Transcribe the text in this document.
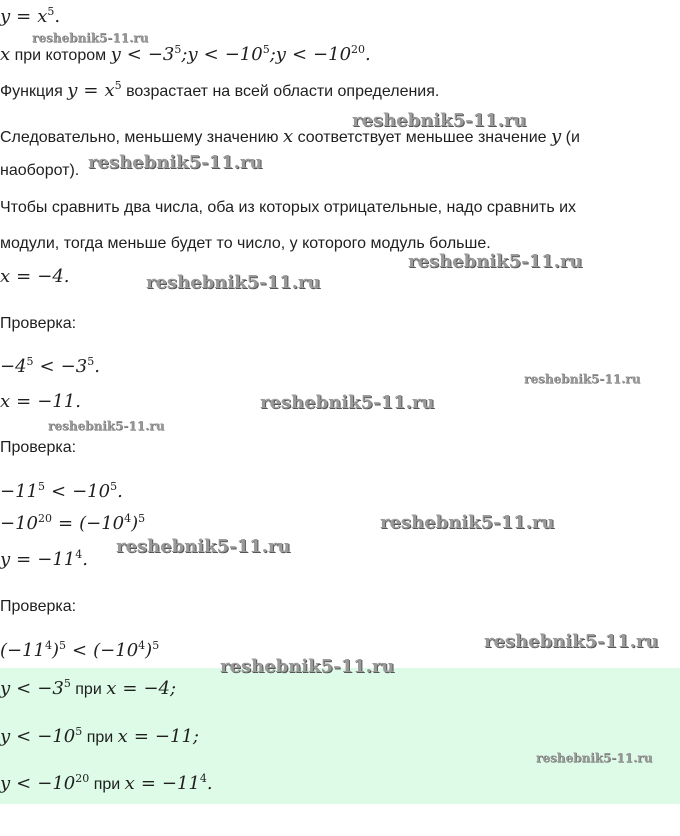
$y = x^5$.
x при котором $y < -3^5;y$ < $-10^5;y < -10^{20}$.
Функция $y = x^5$ возрастает на всей области определения.
Следовательно, меньшему значению x соответствует меньшее значение y (и
наоборот).
Чтобы сравнить два числа, оба из которых отрицательные, надо сравнить их
модули, тогда меньше будет то число, у которого модуль больше.
x = −4.
Проверка:
$-4^5 < -3^5$.
x = −11.
Проверка:
$-11^5 < -10^5$.
$-10^{20} = (-10^4)^5$
$y = -11^4$.
Проверка:
$(-11^4)^5 < (-10^4)^5$
$y < -3^5$ при x = −4;
$y < -10^5$ при x = −11;
$y < -10^{20}$ при $x = -11^4$.
reshebnik5-11.ru
reshebnik5-11.ru
reshebnik5-11.ru
reshebnik5-11.ru
reshebnik5-11.ru
reshebnik5-11.ru
reshebnik5-11.ru
reshebnik5-11.ru
reshebnik5-11.ru
reshebnik5-11.ru
reshebnik5-11.ru
reshebnik5-11.ru
reshebnik5-11.ru
